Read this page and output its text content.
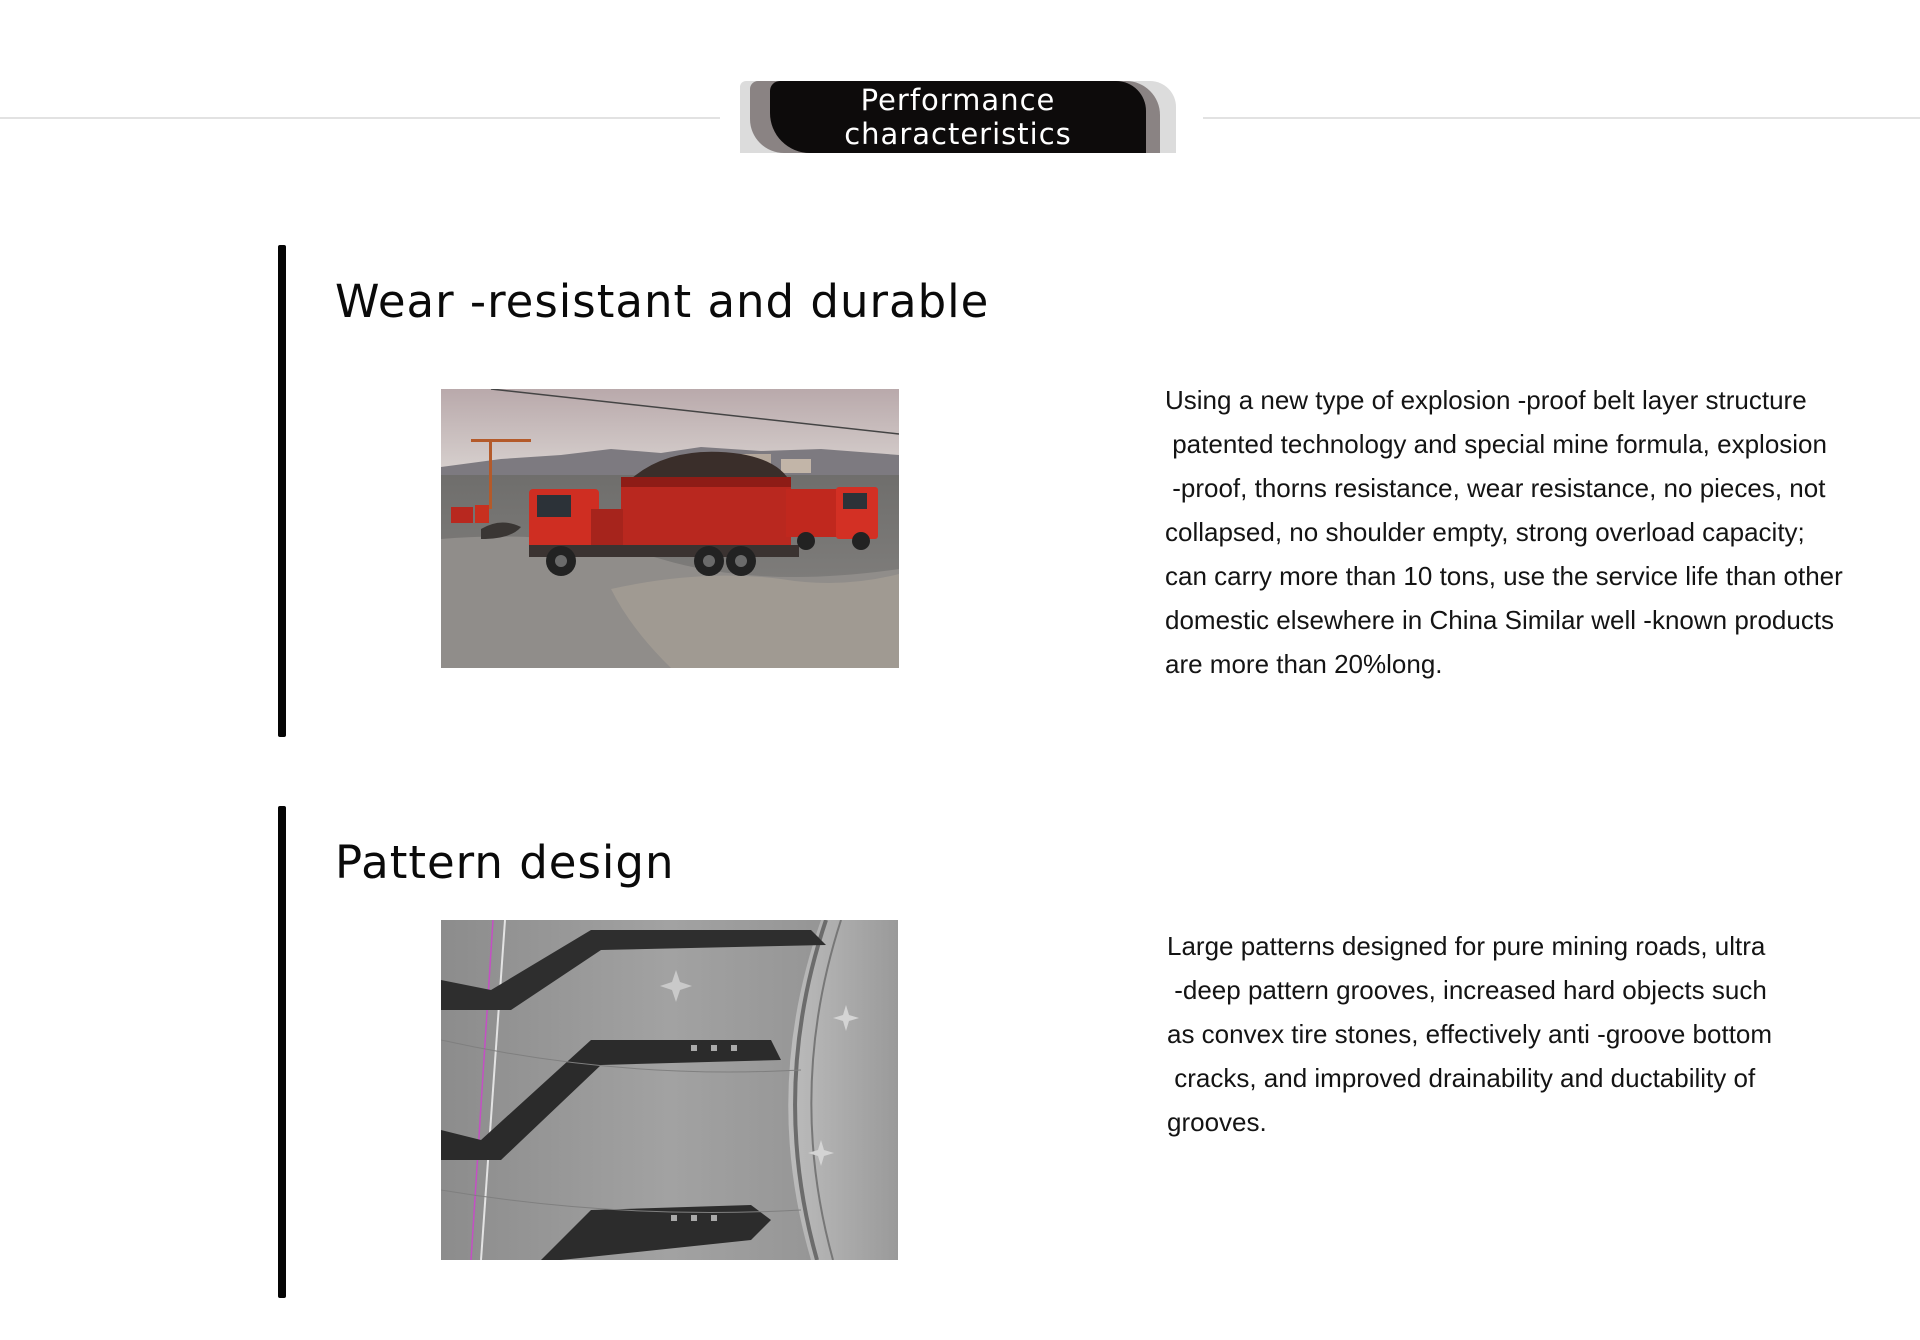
Performance
characteristics
Wear -resistant and durable

Using a new type of explosion -proof belt layer structure
patented technology and special mine formula, explosion
-proof, thorns resistance, wear resistance, no pieces, not
collapsed, no shoulder empty, strong overload capacity;
can carry more than 10 tons, use the service life than other
domestic elsewhere in China Similar well -known products
are more than 20%long.

Pattern design

Large patterns designed for pure mining roads, ultra
-deep pattern grooves, increased hard objects such
as convex tire stones, effectively anti -groove bottom
cracks, and improved drainability and ductability of
grooves.
